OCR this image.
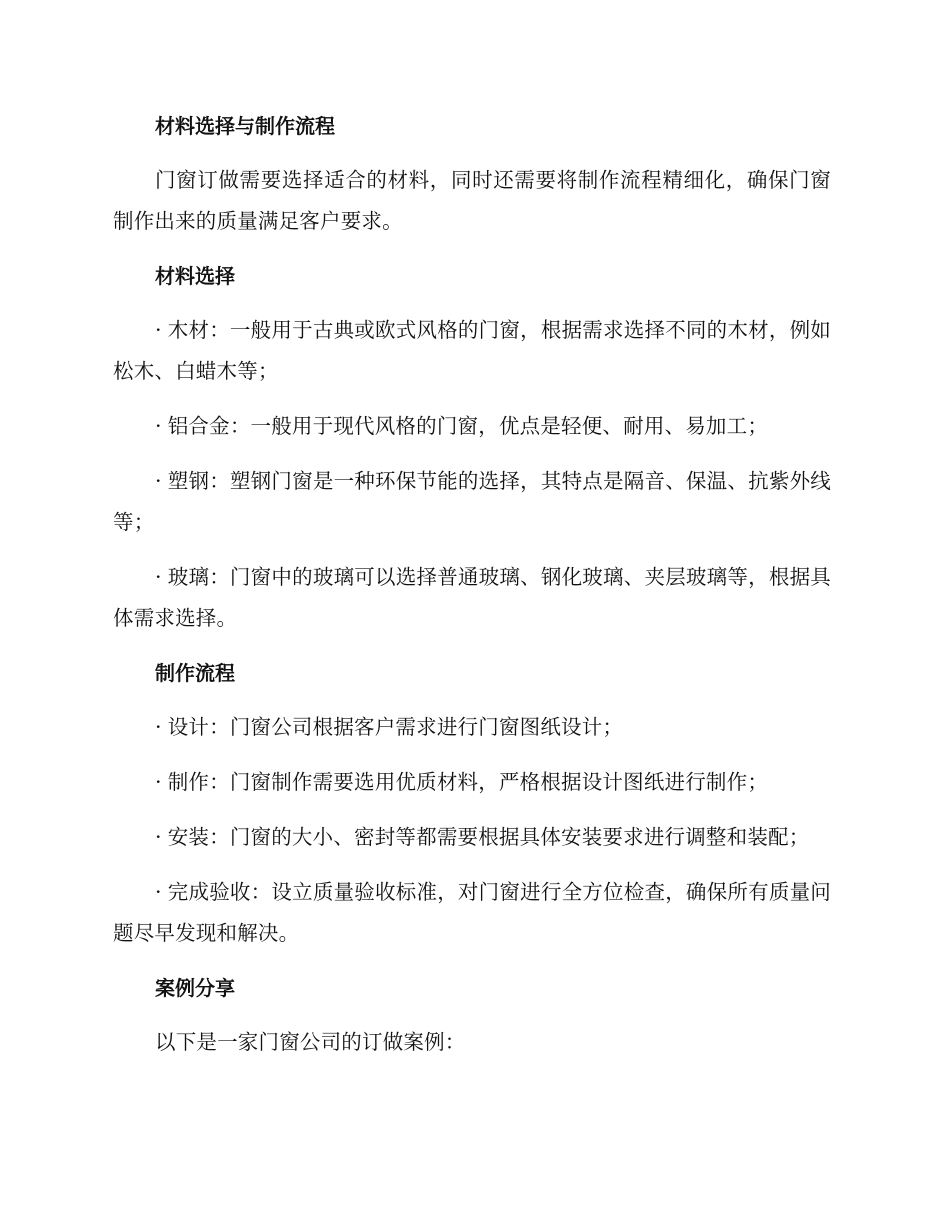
材料选择与制作流程

门窗订做需要选择适合的材料，同时还需要将制作流程精细化，确保门窗制作出来的质量满足客户要求。

材料选择

· 木材：一般用于古典或欧式风格的门窗，根据需求选择不同的木材，例如松木、白蜡木等；

· 铝合金：一般用于现代风格的门窗，优点是轻便、耐用、易加工；

· 塑钢：塑钢门窗是一种环保节能的选择，其特点是隔音、保温、抗紫外线等；

· 玻璃：门窗中的玻璃可以选择普通玻璃、钢化玻璃、夹层玻璃等，根据具体需求选择。

制作流程

· 设计：门窗公司根据客户需求进行门窗图纸设计；

· 制作：门窗制作需要选用优质材料，严格根据设计图纸进行制作；

· 安装：门窗的大小、密封等都需要根据具体安装要求进行调整和装配；

· 完成验收：设立质量验收标准，对门窗进行全方位检查，确保所有质量问题尽早发现和解决。

案例分享

以下是一家门窗公司的订做案例：
